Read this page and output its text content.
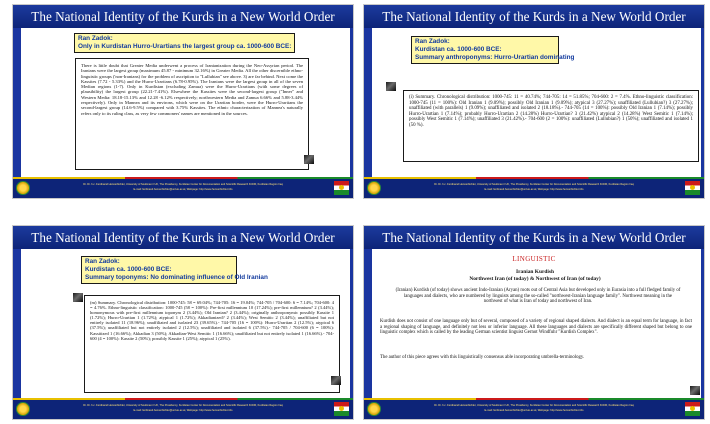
The National Identity of the Kurds in a New World Order
Ran Zadok:
Only in Kurdistan Hurro-Urartians the largest group ca. 1000-600 BCE:
There is little doubt that Greater Media underwent a process of Iranianization during the Neo-Assyrian period. The Iranians were the largest group (maximum 45.87 - minimum 32.16%) in Greater Media. All the other discernible ethno-linguistic groups ('non-Iranians) for the problem of ascription to "Lullubian" see above. 3) are far behind. Next come the Kassites (7.72 - 5.33%) and the Hurro-Urartians (6.78-0.95%). The Iranians were the largest group in all of the seven Median regions (1-7). Only in Kurdistan (excluding Zamua) were the Hurro-Urartians (with some degrees of plausibility) the largest group (22.21-7.41%). Elsewhere the Kassites were the second-largest group ("Inner" and Western Media: 18.18-15.13% and 12.28 -6.12% respectively; northwestern Media and Zamua 6.66% and 5.88-3.44% respectively). Only in Mannea and its environs, which were on the Urartian border, were the Hurro-Urartians the second-largest group (14.6-9.5%) compared with 3.75% Kassites. The ethnic characterization of Mannea's naturally refers only to its ruling class, as very few commoners' names are mentioned in the sources.
Dr. Dr. h.c. Ferdinand Hennerbichler, University of Soulimani / UK, The Presidency, Kurdistan Center for Documentation and Scientific Research KCDR, Kurdistan Region Iraq
E-mail: ferdinand.hennerbichler@univie.ac.at, Webpage: http://www.hennerbichler.info
The National Identity of the Kurds in a New World Order
Ran Zadok:
Kurdistan ca. 1000-600 BCE:
Summary anthroponyms: Hurro-Urartian dominating
(i) Summary. Chronological distribution: 1000-745: 11 = 40.74%; 744-705: 14 = 51.85%; 704-600: 2 = 7.4%. Ethno-linguistic classification: 1000-745 (11 = 100%): Old Iranian 1 (9.09%); possibly Old Iranian 1 (9.09%); atypical 3 (27.27%); unaffiliated (Lullubian?) 3 (27.27%); unaffiliated (with parallels) 1 (9.09%); unaffiliated and isolated 2 (18.18%).- 744-705 (14 = 100%): possibly Old Iranian 1 (7.14%); possibly Hurro-Urartian 1 (7.14%); probably Hurro-Urartian 2 (14.28%) Hurro-Urartian? 3 (21.42%) atypical 2 (14.28%) West Semitic 1 (7.14%); possibly West Semitic 1 (7.14%); unaffiliated 3 (21.42%).- 704-600 (2 = 100%): unaffiliated (Lullubian?) 1 (50%); unaffiliated and isolated 1 (50 %).
Dr. Dr. h.c. Ferdinand Hennerbichler, University of Soulimani / UK, The Presidency, Kurdistan Center for Documentation and Scientific Research KCDR, Kurdistan Region Iraq
E-mail: ferdinand.hennerbichler@univie.ac.at, Webpage: http://www.hennerbichler.info
The National Identity of the Kurds in a New World Order
Ran Zadok:
Kurdistan ca. 1000-600 BCE:
Summary toponyms: No dominating influence of Old Iranian
(m) Summary. Chronological distribution: 1000-745: 58 = 69.04%; 744-705: 16 = 19.04%; 744-705 / 704-600: 6 = 7.14%; 704-600: 4 = 4.76%. Ethno-linguistic classification: 1000-745 (58 = 100%): Pre-first millennium 10 (17.24%); pre-first millennium? 2 (3.44%); homonymous with pre-first millennium toponym 2 (3.44%); Old Iranian? 2 (3.44%); originally anthroponymic possibly Kassite 1 (1.72%); Hurro-Urartian 1 (1.72%); atypical 1 (1.72%); Akkadianized? 2 (3.44%); West Semitic 2 (3.44%); unaffiliated but not entirely isolated 11 (18.96%); unaffiliated and isolated 23 (39.65%).- 744-705 (16 = 100%): Hurro-Urartian 2 (12.5%); atypical 6 (37.5%); unaffiliated but not entirely isolated 2 (12.5%); unaffiliated and isolated 6 (37.5%).- 744-705 / 704-600 (6 = 100%): Kassitized 1 (16.66%); Akkadian 3 (50%); Akkadian-West Semitic 1 (16.66%); unaffiliated but not entirely isolated 1 (16.66%).- 704-600 (4 = 100%): Kassite 2 (50%); possibly Kassite 1 (25%); atypical 1 (25%).
Dr. Dr. h.c. Ferdinand Hennerbichler, University of Soulimani / UK, The Presidency, Kurdistan Center for Documentation and Scientific Research KCDR, Kurdistan Region Iraq
E-mail: ferdinand.hennerbichler@univie.ac.at, Webpage: http://www.hennerbichler.info
The National Identity of the Kurds in a New World Order
LINGUISTIC
Iranian Kurdish
Northwest Iran (of today) & Northwest of Iran (of today)
(Iranian) Kurdish (of today) shows ancient Indo-Iranian (Aryan) roots out of Central Asia but developed only in Eurasia into a full fledged family of languages and dialects, who are numbered by linguists among the so-called "northwest-Iranian language family". Northwest meaning in the northwest of what is Iran of today and northwest of Iran.
Kurdish does not consist of one language only but of several, composed of a variety of regional shaped dialects. And dialect is an equal term for language, in fact a regional shaping of language, and definitely not less or inferior language. All these languages and dialects are specifically different shaped but belong to one linguistic complex which is called by the leading German scientist linguist Gernot Windfuhr "Kurdish Complex".
The author of this piece agrees with this linguistically consensus able incorporating umbrella-terminology.
Dr. Dr. h.c. Ferdinand Hennerbichler, University of Soulimani / UK, The Presidency, Kurdistan Center for Documentation and Scientific Research KCDR, Kurdistan Region Iraq
E-mail: ferdinand.hennerbichler@univie.ac.at, Webpage: http://www.hennerbichler.info
